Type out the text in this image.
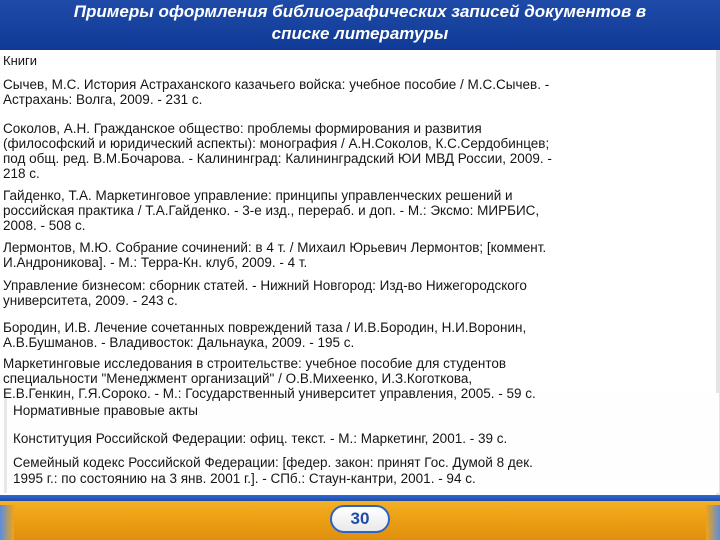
Примеры оформления библиографических записей документов в
списке литературы
Книги
Сычев, М.С. История Астраханского казачьего войска: учебное пособие / М.С.Сычев. -
Астрахань: Волга, 2009. - 231 с.
Соколов, А.Н. Гражданское общество: проблемы формирования и развития
(философский и юридический аспекты): монография / А.Н.Соколов, К.С.Сердобинцев;
под общ. ред. В.М.Бочарова. - Калининград: Калининградский ЮИ МВД России, 2009. -
218 с.
Гайденко, Т.А. Маркетинговое управление: принципы управленческих решений и
российская практика / Т.А.Гайденко. - 3-е изд., перераб. и доп. - М.: Эксмо: МИРБИС,
2008. - 508 с.
Лермонтов, М.Ю. Собрание сочинений: в 4 т. / Михаил Юрьевич Лермонтов; [коммент.
И.Андроникова]. - М.: Терра-Кн. клуб, 2009. - 4 т.
Управление бизнесом: сборник статей. - Нижний Новгород: Изд-во Нижегородского
университета, 2009. - 243 с.
Бородин, И.В. Лечение сочетанных повреждений таза / И.В.Бородин, Н.И.Воронин,
А.В.Бушманов. - Владивосток: Дальнаука, 2009. - 195 с.
Маркетинговые исследования в строительстве: учебное пособие для студентов
специальности "Менеджмент организаций" / О.В.Михеенко, И.З.Коготкова,
Е.В.Генкин, Г.Я.Сороко. - М.: Государственный университет управления, 2005. - 59 с.
Нормативные правовые акты
Конституция Российской Федерации: офиц. текст. - М.: Маркетинг, 2001. - 39 с.
Семейный кодекс Российской Федерации: [федер. закон: принят Гос. Думой 8 дек.
1995 г.: по состоянию на 3 янв. 2001 г.]. - СПб.: Стаун-кантри, 2001. - 94 с.
30
